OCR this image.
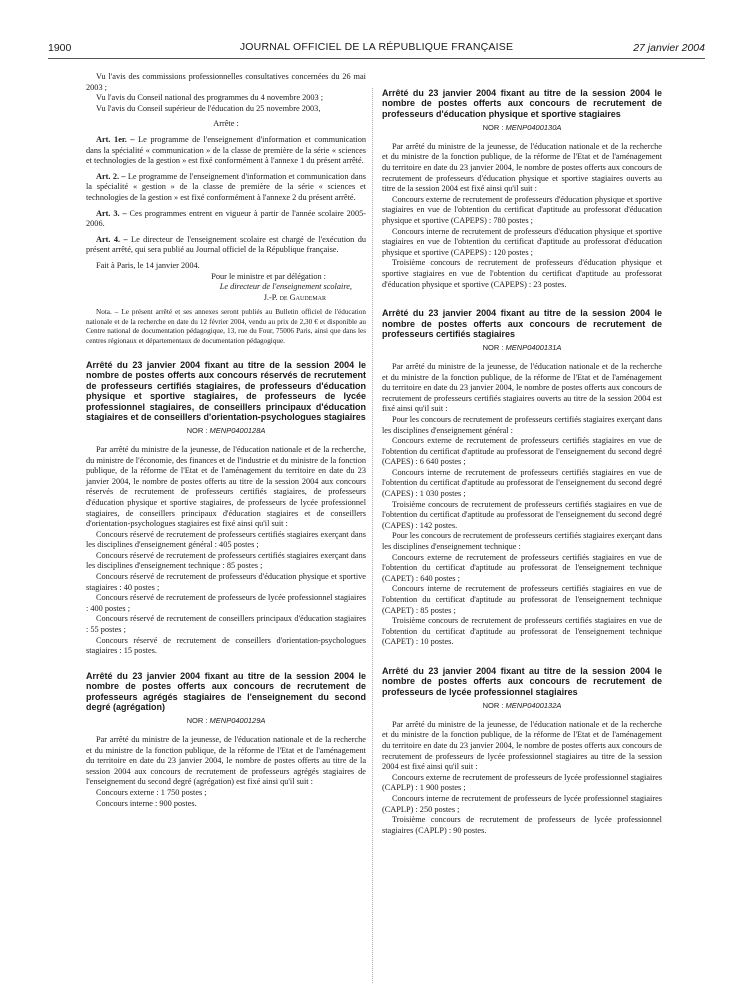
1900	JOURNAL OFFICIEL DE LA RÉPUBLIQUE FRANÇAISE	27 janvier 2004

Vu l'avis des commissions professionnelles consultatives concernées du 26 mai 2003 ;

Vu l'avis du Conseil national des programmes du 4 novembre 2003 ;

Vu l'avis du Conseil supérieur de l'éducation du 25 novembre 2003,

Arrête :

Art. 1er. – Le programme de l'enseignement d'information et communication dans la spécialité « communication » de la classe de première de la série « sciences et technologies de la gestion » est fixé conformément à l'annexe 1 du présent arrêté.

Art. 2. – Le programme de l'enseignement d'information et communication dans la spécialité « gestion » de la classe de première de la série « sciences et technologies de la gestion » est fixé conformément à l'annexe 2 du présent arrêté.

Art. 3. – Ces programmes entrent en vigueur à partir de l'année scolaire 2005-2006.

Art. 4. – Le directeur de l'enseignement scolaire est chargé de l'exécution du présent arrêté, qui sera publié au Journal officiel de la République française.

Fait à Paris, le 14 janvier 2004.

Pour le ministre et par délégation :

Le directeur de l'enseignement scolaire,

J.-P. de Gaudemar

Nota. – Le présent arrêté et ses annexes seront publiés au Bulletin officiel de l'éducation nationale et de la recherche en date du 12 février 2004, vendu au prix de 2,30 € et disponible au Centre national de documentation pédagogique, 13, rue du Four, 75006 Paris, ainsi que dans les centres régionaux et départementaux de documentation pédagogique.

Arrêté du 23 janvier 2004 fixant au titre de la session 2004 le nombre de postes offerts aux concours réservés de recrutement de professeurs certifiés stagiaires, de professeurs d'éducation physique et sportive stagiaires, de professeurs de lycée professionnel stagiaires, de conseillers principaux d'éducation stagiaires et de conseillers d'orientation-psychologues stagiaires
NOR : MENP0400128A

Par arrêté du ministre de la jeunesse, de l'éducation nationale et de la recherche, du ministre de l'économie, des finances et de l'industrie et du ministre de la fonction publique, de la réforme de l'Etat et de l'aménagement du territoire en date du 23 janvier 2004, le nombre de postes offerts au titre de la session 2004 aux concours réservés de recrutement de professeurs certifiés stagiaires, de professeurs d'éducation physique et sportive stagiaires, de professeurs de lycée professionnel stagiaires, de conseillers principaux d'éducation stagiaires et de conseillers d'orientation-psychologues stagiaires est fixé ainsi qu'il suit :

Concours réservé de recrutement de professeurs certifiés stagiaires exerçant dans les disciplines d'enseignement général : 405 postes ;

Concours réservé de recrutement de professeurs certifiés stagiaires exerçant dans les disciplines d'enseignement technique : 85 postes ;

Concours réservé de recrutement de professeurs d'éducation physique et sportive stagiaires : 40 postes ;

Concours réservé de recrutement de professeurs de lycée professionnel stagiaires : 400 postes ;

Concours réservé de recrutement de conseillers principaux d'éducation stagiaires : 55 postes ;

Concours réservé de recrutement de conseillers d'orientation-psychologues stagiaires : 15 postes.

Arrêté du 23 janvier 2004 fixant au titre de la session 2004 le nombre de postes offerts aux concours de recrutement de professeurs agrégés stagiaires de l'enseignement du second degré (agrégation)
NOR : MENP0400129A

Par arrêté du ministre de la jeunesse, de l'éducation nationale et de la recherche et du ministre de la fonction publique, de la réforme de l'Etat et de l'aménagement du territoire en date du 23 janvier 2004, le nombre de postes offerts au titre de la session 2004 aux concours de recrutement de professeurs agrégés stagiaires de l'enseignement du second degré (agrégation) est fixé ainsi qu'il suit :

Concours externe : 1 750 postes ;

Concours interne : 900 postes.

Arrêté du 23 janvier 2004 fixant au titre de la session 2004 le nombre de postes offerts aux concours de recrutement de professeurs d'éducation physique et sportive stagiaires
NOR : MENP0400130A

Par arrêté du ministre de la jeunesse, de l'éducation nationale et de la recherche et du ministre de la fonction publique, de la réforme de l'Etat et de l'aménagement du territoire en date du 23 janvier 2004, le nombre de postes offerts aux concours de recrutement de professeurs d'éducation physique et sportive stagiaires ouverts au titre de la session 2004 est fixé ainsi qu'il suit :

Concours externe de recrutement de professeurs d'éducation physique et sportive stagiaires en vue de l'obtention du certificat d'aptitude au professorat d'éducation physique et sportive (CAPEPS) : 780 postes ;

Concours interne de recrutement de professeurs d'éducation physique et sportive stagiaires en vue de l'obtention du certificat d'aptitude au professorat d'éducation physique et sportive (CAPEPS) : 120 postes ;

Troisième concours de recrutement de professeurs d'éducation physique et sportive stagiaires en vue de l'obtention du certificat d'aptitude au professorat d'éducation physique et sportive (CAPEPS) : 23 postes.

Arrêté du 23 janvier 2004 fixant au titre de la session 2004 le nombre de postes offerts aux concours de recrutement de professeurs certifiés stagiaires
NOR : MENP0400131A

Par arrêté du ministre de la jeunesse, de l'éducation nationale et de la recherche et du ministre de la fonction publique, de la réforme de l'Etat et de l'aménagement du territoire en date du 23 janvier 2004, le nombre de postes offerts aux concours de recrutement de professeurs certifiés stagiaires ouverts au titre de la session 2004 est fixé ainsi qu'il suit :

Pour les concours de recrutement de professeurs certifiés stagiaires exerçant dans les disciplines d'enseignement général :

Concours externe de recrutement de professeurs certifiés stagiaires en vue de l'obtention du certificat d'aptitude au professorat de l'enseignement du second degré (CAPES) : 6 640 postes ;

Concours interne de recrutement de professeurs certifiés stagiaires en vue de l'obtention du certificat d'aptitude au professorat de l'enseignement du second degré (CAPES) : 1 030 postes ;

Troisième concours de recrutement de professeurs certifiés stagiaires en vue de l'obtention du certificat d'aptitude au professorat de l'enseignement du second degré (CAPES) : 142 postes.

Pour les concours de recrutement de professeurs certifiés stagiaires exerçant dans les disciplines d'enseignement technique :

Concours externe de recrutement de professeurs certifiés stagiaires en vue de l'obtention du certificat d'aptitude au professorat de l'enseignement technique (CAPET) : 640 postes ;

Concours interne de recrutement de professeurs certifiés stagiaires en vue de l'obtention du certificat d'aptitude au professorat de l'enseignement technique (CAPET) : 85 postes ;

Troisième concours de recrutement de professeurs certifiés stagiaires en vue de l'obtention du certificat d'aptitude au professorat de l'enseignement technique (CAPET) : 10 postes.

Arrêté du 23 janvier 2004 fixant au titre de la session 2004 le nombre de postes offerts aux concours de recrutement de professeurs de lycée professionnel stagiaires
NOR : MENP0400132A

Par arrêté du ministre de la jeunesse, de l'éducation nationale et de la recherche et du ministre de la fonction publique, de la réforme de l'Etat et de l'aménagement du territoire en date du 23 janvier 2004, le nombre de postes offerts aux concours de recrutement de professeurs de lycée professionnel stagiaires au titre de la session 2004 est fixé ainsi qu'il suit :

Concours externe de recrutement de professeurs de lycée professionnel stagiaires (CAPLP) : 1 900 postes ;

Concours interne de recrutement de professeurs de lycée professionnel stagiaires (CAPLP) : 250 postes ;

Troisième concours de recrutement de professeurs de lycée professionnel stagiaires (CAPLP) : 90 postes.
